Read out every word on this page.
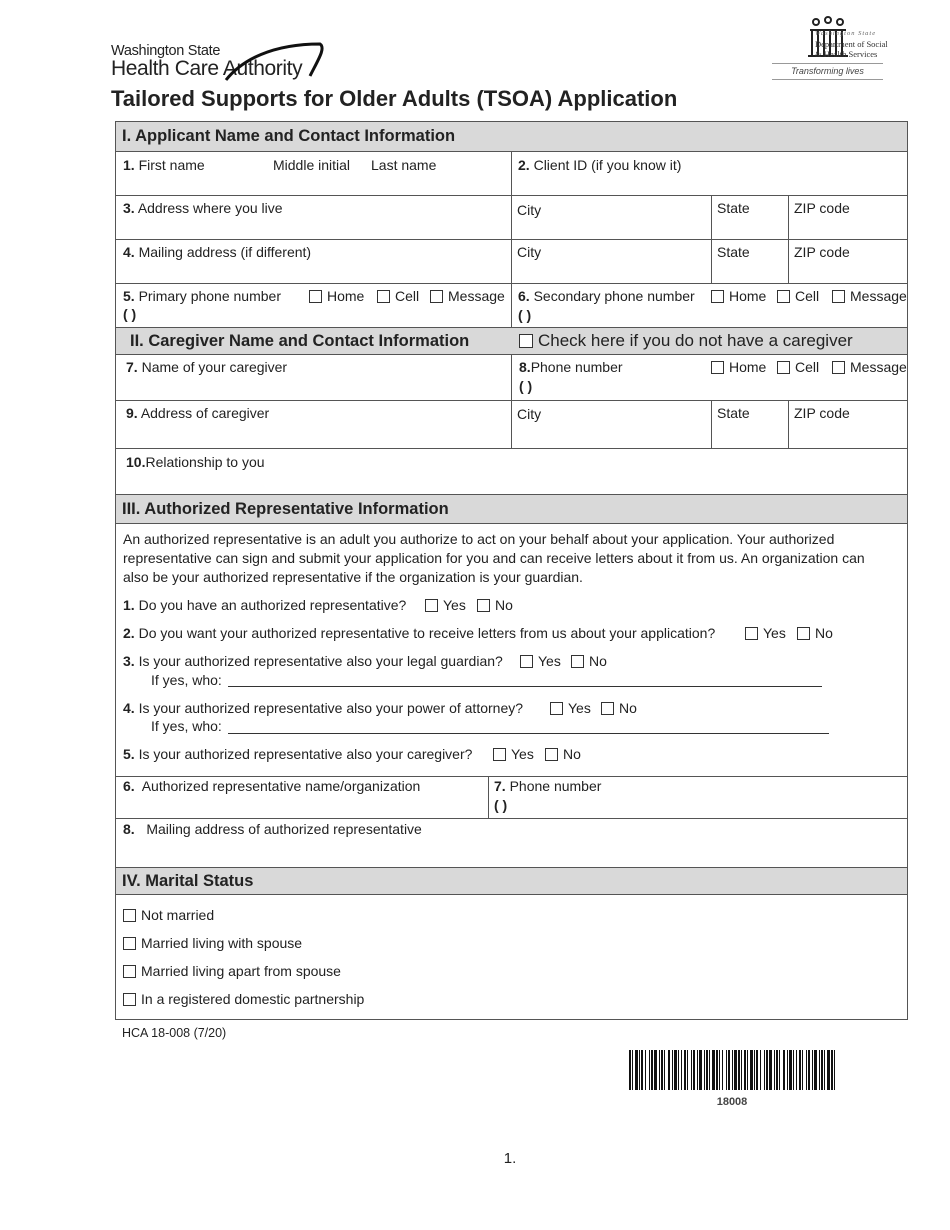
Washington State
Health Care Authority
Washington State
Department of Social
& Health Services
Transforming lives
Tailored Supports for Older Adults (TSOA) Application
I. Applicant Name and Contact Information
1. First name	Middle initial Last name	2. Client ID (if you know it)
3. Address where you live	City	State	ZIP code
4. Mailing address (if different)	City	State	ZIP code
5. Primary phone number	Home	Cell	Message
( )
6. Secondary phone number	Home	Cell	Message
( )
II. Caregiver Name and Contact Information	Check here if you do not have a caregiver
7. Name of your caregiver	8.Phone number	Home	Cell	Message
( )
9. Address of caregiver	City	State	ZIP code
10.Relationship to you
III. Authorized Representative Information
An authorized representative is an adult you authorize to act on your behalf about your application. Your authorized representative can sign and submit your application for you and can receive letters about it from us. An organization can also be your authorized representative if the organization is your guardian.
1. Do you have an authorized representative?	Yes	No
2. Do you want your authorized representative to receive letters from us about your application?	Yes	No
3. Is your authorized representative also your legal guardian?	Yes	No
If yes, who:
4. Is your authorized representative also your power of attorney?	Yes	No
If yes, who:
5. Is your authorized representative also your caregiver?	Yes	No
6. Authorized representative name/organization	7. Phone number
( )
8. Mailing address of authorized representative
IV. Marital Status
Not married
Married living with spouse
Married living apart from spouse
In a registered domestic partnership
HCA 18-008 (7/20)
18008
1.
